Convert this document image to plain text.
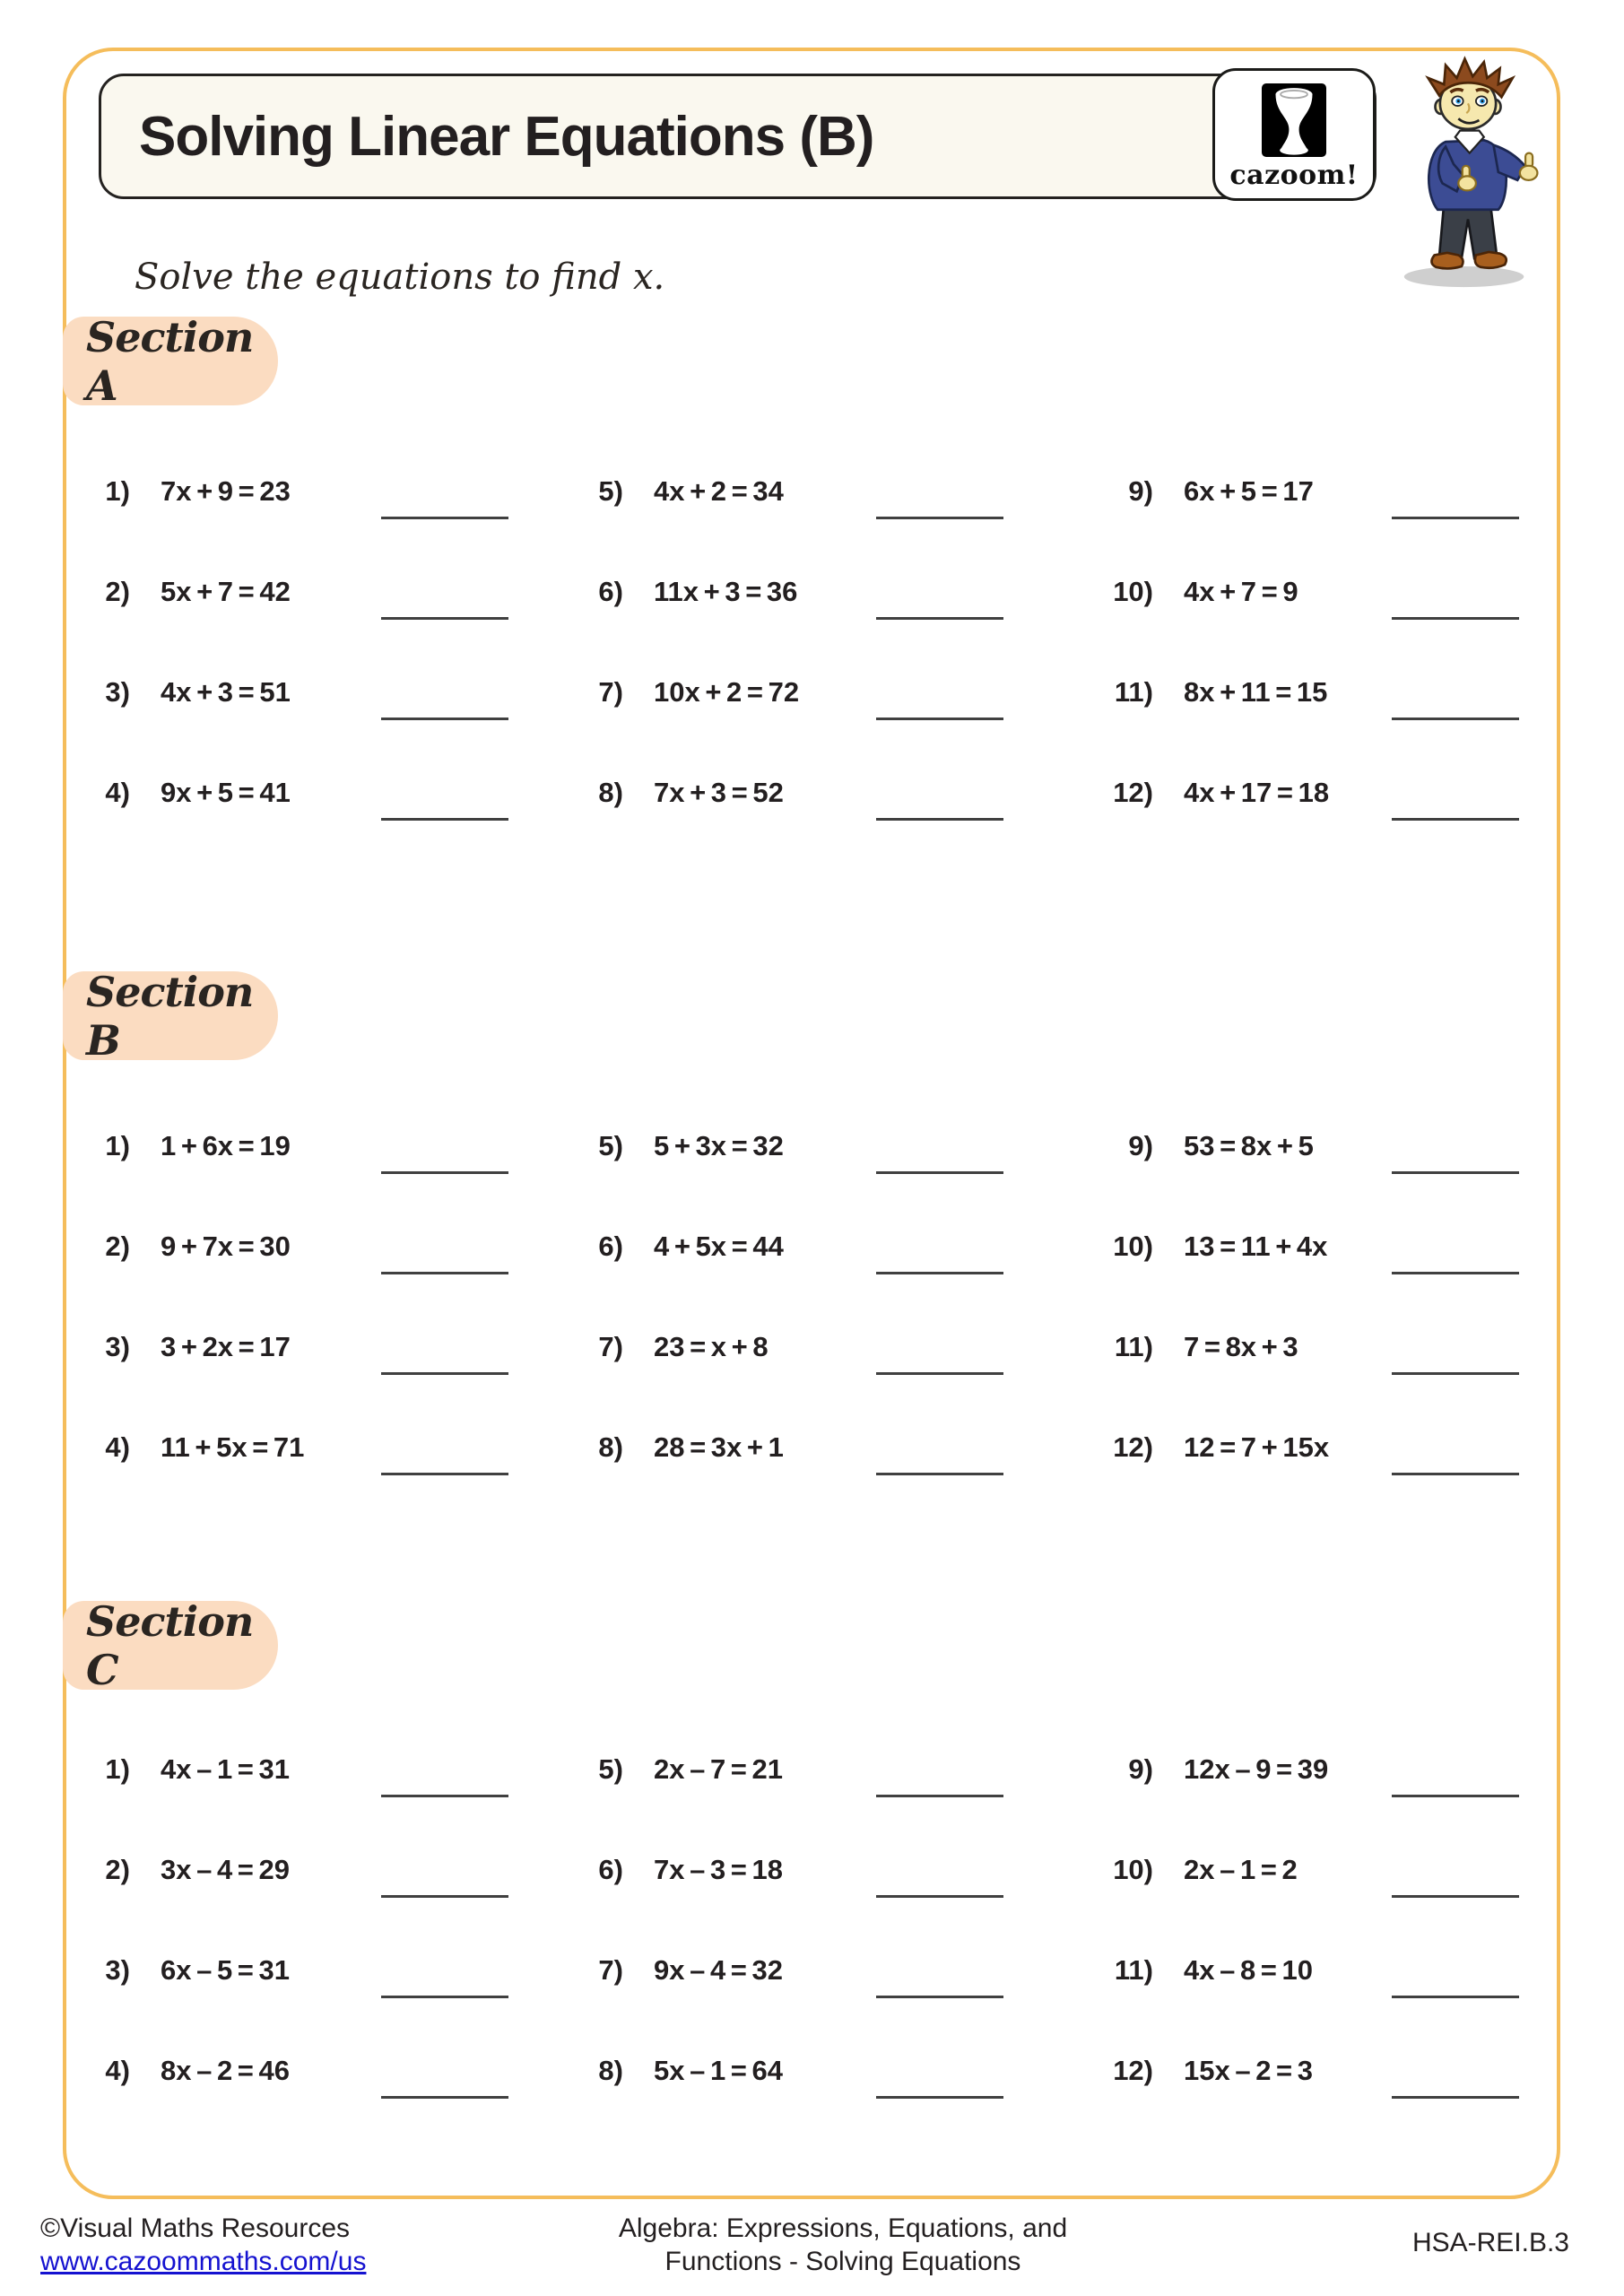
Solving Linear Equations (B)
cazoom!
Solve the equations to find x.
Section A
1) 7x + 9 = 23
2) 5x + 7 = 42
3) 4x + 3 = 51
4) 9x + 5 = 41
5) 4x + 2 = 34
6) 11x + 3 = 36
7) 10x + 2 = 72
8) 7x + 3 = 52
9) 6x + 5 = 17
10) 4x + 7 = 9
11) 8x + 11 = 15
12) 4x + 17 = 18
Section B
1) 1 + 6x = 19
2) 9 + 7x = 30
3) 3 + 2x = 17
4) 11 + 5x = 71
5) 5 + 3x = 32
6) 4 + 5x = 44
7) 23 = x + 8
8) 28 = 3x + 1
9) 53 = 8x + 5
10) 13 = 11 + 4x
11) 7 = 8x + 3
12) 12 = 7 + 15x
Section C
1) 4x – 1 = 31
2) 3x – 4 = 29
3) 6x – 5 = 31
4) 8x – 2 = 46
5) 2x – 7 = 21
6) 7x – 3 = 18
7) 9x – 4 = 32
8) 5x – 1 = 64
9) 12x – 9 = 39
10) 2x – 1 = 2
11) 4x – 8 = 10
12) 15x – 2 = 3
©Visual Maths Resources
www.cazoommaths.com/us
Algebra: Expressions, Equations, and
Functions - Solving Equations
HSA-REI.B.3
